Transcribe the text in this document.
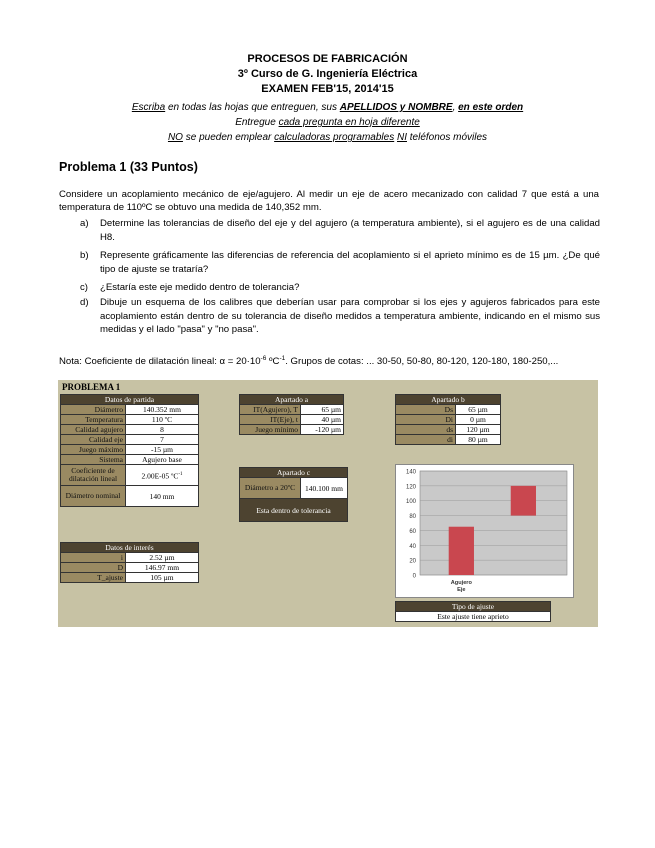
PROCESOS DE FABRICACIÓN
3º Curso de G. Ingeniería Eléctrica
EXAMEN FEB'15, 2014'15
Escriba en todas las hojas que entreguen, sus APELLIDOS y NOMBRE, en este orden
Entregue cada pregunta en hoja diferente
NO se pueden emplear calculadoras programables NI teléfonos móviles
Problema 1 (33 Puntos)
Considere un acoplamiento mecánico de eje/agujero. Al medir un eje de acero mecanizado con calidad 7 que está a una temperatura de 110ºC se obtuvo una medida de 140,352 mm.
a) Determine las tolerancias de diseño del eje y del agujero (a temperatura ambiente), si el agujero es de una calidad H8.
b) Represente gráficamente las diferencias de referencia del acoplamiento si el aprieto mínimo es de 15 µm. ¿De qué tipo de ajuste se trataría?
c) ¿Estaría este eje medido dentro de tolerancia?
d) Dibuje un esquema de los calibres que deberían usar para comprobar si los ejes y agujeros fabricados para este acoplamiento están dentro de su tolerancia de diseño medidos a temperatura ambiente, indicando en el mismo sus medidas y el lado "pasa" y "no pasa".
Nota: Coeficiente de dilatación lineal: $\alpha = 20\cdot 10^{-6}$ ºC$^{-1}$. Grupos de cotas: ... 30-50, 50-80, 80-120, 120-180, 180-250,...
PROBLEMA 1
Datos de partida	
Diámetro	140.352 mm
Temperatura	110 ºC
Calidad agujero	8
Calidad eje	7
Juego máximo	-15 µm
Sistema	Agujero base
Coeficiente de dilatación lineal	2.00E-05 ºC$^{-1}$
Diámetro nominal	140 mm
Datos de interés	
i	2.52 µm
D	146.97 mm
T_ajuste	105 µm
Apartado a	
IT(Agujero), T	65 µm
IT(Eje), t	40 µm
Juego mínimo	-120 µm
Apartado c
Diámetro a 20ºC	140.100 mm
Esta dentro de tolerancia
Apartado b	
Ds	65 µm
Di	0 µm
ds	120 µm
di	80 µm
0
20
40
60
80
100
120
140
Agujero
Eje
Tipo de ajuste
Este ajuste tiene aprieto
